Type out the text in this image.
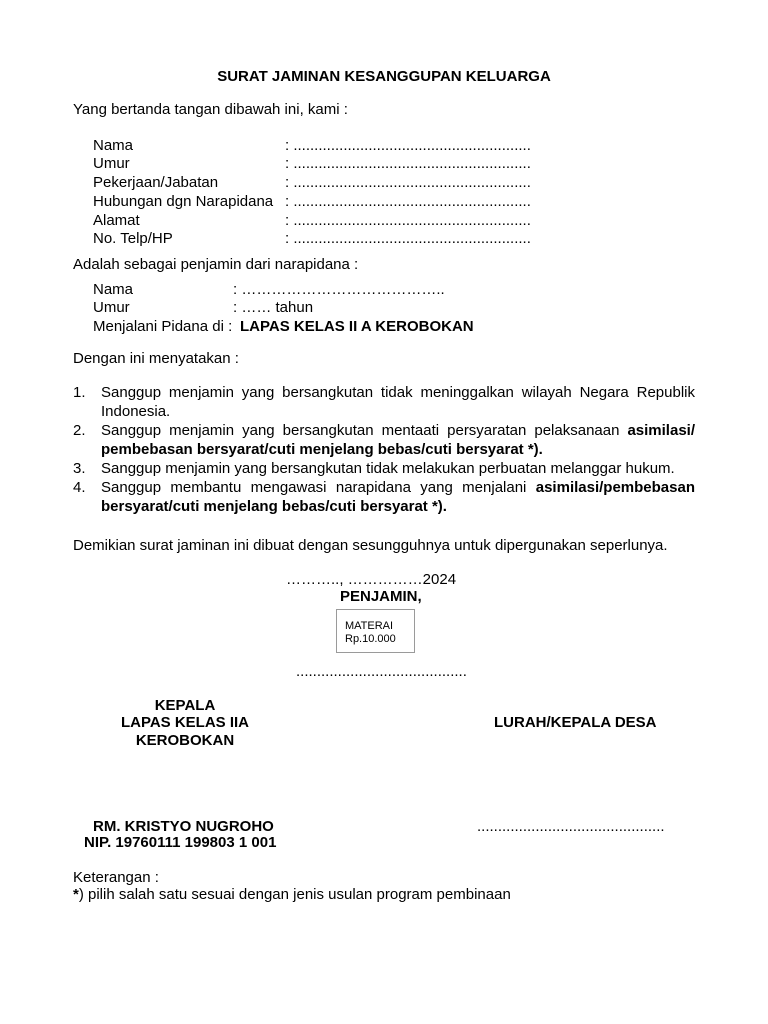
SURAT JAMINAN KESANGGUPAN KELUARGA
Yang bertanda tangan dibawah ini, kami :
Nama	: .........................................................
Umur	: .........................................................
Pekerjaan/Jabatan	: .........................................................
Hubungan dgn Narapidana : .........................................................
Alamat	: .........................................................
No. Telp/HP	: .........................................................
Adalah sebagai penjamin dari narapidana :
Nama	: …………………………………..
Umur	: …… tahun
Menjalani Pidana di : LAPAS KELAS II A KEROBOKAN
Dengan ini menyatakan :
1. Sanggup menjamin yang bersangkutan tidak meninggalkan wilayah Negara Republik Indonesia.
2. Sanggup menjamin yang bersangkutan mentaati persyaratan pelaksanaan asimilasi/ pembebasan bersyarat/cuti menjelang bebas/cuti bersyarat *).
3. Sanggup menjamin yang bersangkutan tidak melakukan perbuatan melanggar hukum.
4. Sanggup membantu mengawasi narapidana yang menjalani asimilasi/pembebasan bersyarat/cuti menjelang bebas/cuti bersyarat *).
Demikian surat jaminan ini dibuat dengan sesungguhnya untuk dipergunakan seperlunya.
……….., ……………2024
PENJAMIN,
MATERAI
Rp.10.000
.........................................
KEPALA
LAPAS KELAS IIA
KEROBOKAN
LURAH/KEPALA DESA
RM. KRISTYO NUGROHO
NIP. 19760111 199803 1 001
.............................................
Keterangan :
*) pilih salah satu sesuai dengan jenis usulan program pembinaan
